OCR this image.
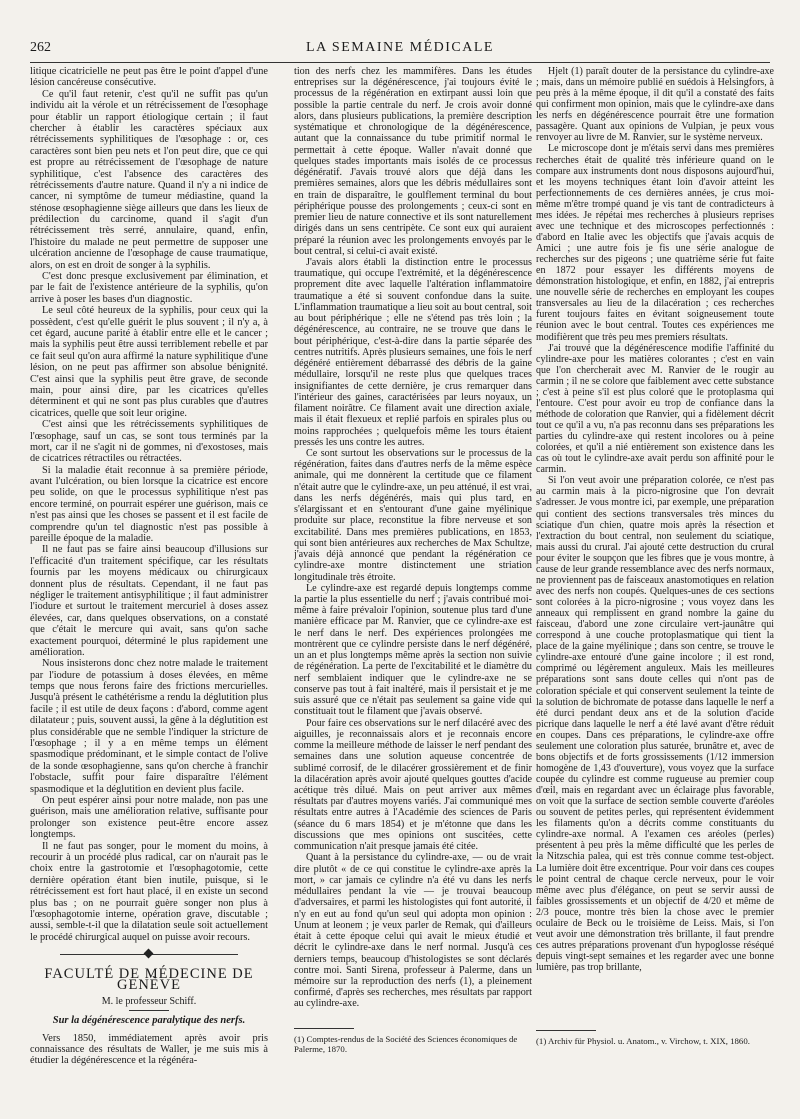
262	LA SEMAINE MÉDICALE

litique cicatricielle ne peut pas être le point d'appel d'une lésion cancéreuse consécutive.

Ce qu'il faut retenir, c'est qu'il ne suffit pas qu'un individu ait la vérole et un rétrécissement de l'œsophage pour établir un rapport étiologique certain ; il faut chercher à établir les caractères spéciaux aux rétrécissements syphilitiques de l'œsophage : or, ces caractères sont bien peu nets et l'on peut dire, que ce qui est propre au rétrécissement de l'œsophage de nature syphilitique, c'est l'absence des caractères des rétrécissements d'autre nature. Quand il n'y a ni indice de cancer, ni symptôme de tumeur médiastine, quand la sténose œsophagienne siège ailleurs que dans les lieux de prédilection du carcinome, quand il s'agit d'un rétrécissement très serré, annulaire, quand, enfin, l'histoire du malade ne peut permettre de supposer une ulcération ancienne de l'œsophage de cause traumatique, alors, on est en droit de songer à la syphilis.

C'est donc presque exclusivement par élimination, et par le fait de l'existence antérieure de la syphilis, qu'on arrive à poser les bases d'un diagnostic.

Le seul côté heureux de la syphilis, pour ceux qui la possèdent, c'est qu'elle guérit le plus souvent ; il n'y a, à cet égard, aucune parité à établir entre elle et le cancer ; mais la syphilis peut être aussi terriblement rebelle et par ce fait seul qu'on aura affirmé la nature syphilitique d'une lésion, on ne peut pas affirmer son absolue bénignité. C'est ainsi que la syphilis peut être grave, de seconde main, pour ainsi dire, par les cicatrices qu'elles déterminent et qui ne sont pas plus curables que d'autres cicatrices, quelle que soit leur origine.

C'est ainsi que les rétrécissements syphilitiques de l'œsophage, sauf un cas, se sont tous terminés par la mort, car il ne s'agit ni de gommes, ni d'exostoses, mais de cicatrices rétractiles ou rétractées.

Si la maladie était reconnue à sa première période, avant l'ulcération, ou bien lorsque la cicatrice est encore peu solide, on que le processus syphilitique n'est pas encore terminé, on pourrait espérer une guérison, mais ce n'est pas ainsi que les choses se passent et il est facile de comprendre qu'un tel diagnostic n'est pas possible à pareille époque de la maladie.

Il ne faut pas se faire ainsi beaucoup d'illusions sur l'efficacité d'un traitement spécifique, car les résultats fournis par les moyens médicaux ou chirurgicaux donnent plus de résultats. Cependant, il ne faut pas négliger le traitement antisyphilitique ; il faut administrer l'iodure et surtout le traitement mercuriel à doses assez élevées, car, dans quelques observations, on a constaté que c'était le mercure qui avait, sans qu'on sache exactement pourquoi, déterminé le plus rapidement une amélioration.

Nous insisterons donc chez notre malade le traitement par l'iodure de potassium à doses élevées, en même temps que nous ferons faire des frictions mercurielles. Jusqu'à présent le cathétérisme a rendu la déglutition plus facile ; il est utile de deux façons : d'abord, comme agent dilatateur ; puis, souvent aussi, la gêne à la déglutition est plus considérable que ne semble l'indiquer la stricture de l'œsophage ; il y a en même temps un élément spasmodique prédominant, et le simple contact de l'olive de la sonde œsophagienne, sans qu'on cherche à franchir l'obstacle, suffit pour faire disparaître l'élément spasmodique et la déglutition en devient plus facile.

On peut espérer ainsi pour notre malade, non pas une guérison, mais une amélioration relative, suffisante pour prolonger son existence peut-être encore assez longtemps.

Il ne faut pas songer, pour le moment du moins, à recourir à un procédé plus radical, car on n'aurait pas le choix entre la gastrotomie et l'œsophagotomie, cette dernière opération étant bien inutile, puisque, si le rétrécissement est fort haut placé, il en existe un second plus bas ; on ne pourrait guère songer non plus à l'œsophagotomie interne, opération grave, discutable ; aussi, semble-t-il que la dilatation seule soit actuellement le procédé chirurgical auquel on puisse avoir recours.

FACULTÉ DE MÉDECINE DE GENÈVE
M. le professeur Schiff.
Sur la dégénérescence paralytique des nerfs.

Vers 1850, immédiatement après avoir pris connaissance des résultats de Waller, je me suis mis à étudier la dégénérescence et la régénéra-

tion des nerfs chez les mammifères. Dans les études entreprises sur la dégénérescence, j'ai toujours évité le processus de la régénération en extirpant aussi loin que possible la partie centrale du nerf. Je crois avoir donné alors, dans plusieurs publications, la première description systématique et chronologique de la dégénérescence, autant que la connaissance du tube primitif normal le permettait à cette époque. Waller n'avait donné que quelques stades importants mais isolés de ce processus dégénératif. J'avais trouvé alors que déjà dans les premières semaines, alors que les débris médullaires sont en train de disparaître, le goulflement terminal du bout périphérique pousse des prolongements ; ceux-ci sont en premier lieu de nature connective et ils sont naturellement dirigés dans un sens centripète. Ce sont eux qui auraient préparé la réunion avec les prolongements envoyés par le bout central, si celui-ci avait existé.

J'avais alors établi la distinction entre le processus traumatique, qui occupe l'extrémité, et la dégénérescence proprement dite avec laquelle l'altération inflammatoire traumatique a été si souvent confondue dans la suite. L'inflammation traumatique a lieu soit au bout central, soit au bout périphérique ; elle ne s'étend pas très loin ; la dégénérescence, au contraire, ne se trouve que dans le bout périphérique, c'est-à-dire dans la partie séparée des centres nutritifs. Après plusieurs semaines, une fois le nerf dégénéré entièrement débarrassé des débris de la gaine médullaire, lorsqu'il ne reste plus que quelques traces insignifiantes de cette dernière, je crus remarquer dans l'intérieur des gaines, caractérisées par leurs noyaux, un filament noirâtre. Ce filament avait une direction axiale, mais il était flexueux et replié parfois en spirales plus ou moins rapprochées ; quelquefois même les tours étaient pressés les uns contre les autres.

Ce sont surtout les observations sur le processus de la régénération, faites dans d'autres nerfs de la même espèce animale, qui me donnèrent la certitude que ce filament n'était autre que le cylindre-axe, un peu atténué, il est vrai, dans les nerfs dégénérés, mais qui plus tard, en s'élargissant et en s'entourant d'une gaine myélinique produite sur place, reconstitue la fibre nerveuse et son excitabilité. Dans mes premières publications, en 1853, qui sont bien antérieures aux recherches de Max Schultze, j'avais déjà annoncé que pendant la régénération ce cylindre-axe montre distinctement une striation longitudinale très étroite.

Le cylindre-axe est regardé depuis longtemps comme la partie la plus essentielle du nerf ; j'avais contribué moi-même à faire prévaloir l'opinion, soutenue plus tard d'une manière efficace par M. Ranvier, que ce cylindre-axe est le nerf dans le nerf. Des expériences prolongées me montrèrent que ce cylindre persiste dans le nerf dégénéré, un an et plus longtemps même après la section non suivie de régénération. La perte de l'excitabilité et le diamètre du nerf semblaient indiquer que le cylindre-axe ne se conserve pas tout à fait inaltéré, mais il persistait et je me suis assuré que ce n'était pas seulement sa gaine vide qui constituait tout le filament que j'avais observé.

Pour faire ces observations sur le nerf dilacéré avec des aiguilles, je reconnaissais alors et je reconnais encore comme la meilleure méthode de laisser le nerf pendant des semaines dans une solution aqueuse concentrée de sublimé corrosif, de le dilacérer grossièrement et de finir la dilacération après avoir ajouté quelques gouttes d'acide acétique très dilué. Mais on peut arriver aux mêmes résultats par d'autres moyens variés. J'ai communiqué mes résultats entre autres à l'Académie des sciences de Paris (séance du 6 mars 1854) et je m'étonne que dans les discussions que mes opinions ont suscitées, cette communication n'ait presque jamais été citée.

Quant à la persistance du cylindre-axe, — ou de vrait dire plutôt « de ce qui constitue le cylindre-axe après la mort, » car jamais ce cylindre n'a été vu dans les nerfs médullaires pendant la vie — je trouvai beaucoup d'adversaires, et parmi les histologistes qui font autorité, il n'y en eut au fond qu'un seul qui adopta mon opinion : Unum at leonem ; je veux parler de Remak, qui d'ailleurs était à cette époque celui qui avait le mieux étudié et décrit le cylindre-axe dans le nerf normal. Jusqu'à ces derniers temps, beaucoup d'histologistes se sont déclarés contre moi. Santi Sirena, professeur à Palerme, dans un mémoire sur la reproduction des nerfs (1), a pleinement confirmé, d'après ses recherches, mes résultats par rapport au cylindre-axe.

(1) Comptes-rendus de la Société des Sciences économiques de Palerme, 1870.

Hjelt (1) paraît douter de la persistance du cylindre-axe ; mais, dans un mémoire publié en suédois à Helsingfors, à peu près à la même époque, il dit qu'il a constaté des faits qui confirment mon opinion, mais que le cylindre-axe dans les nerfs en dégénérescence pourrait être une formation passagère. Quant aux opinions de Vulpian, je peux vous renvoyer au livre de M. Ranvier, sur le système nerveux.

Le microscope dont je m'étais servi dans mes premières recherches était de qualité très inférieure quand on le compare aux instruments dont nous disposons aujourd'hui, et les moyens techniques étant loin d'avoir atteint les perfectionnements de ces dernières années, je crus moi-même m'être trompé quand je vis tant de contradicteurs à mes idées. Je répétai mes recherches à plusieurs reprises avec une technique et des microscopes perfectionnés : d'abord en Italie avec les objectifs que j'avais acquis de Amici ; une autre fois je fis une série analogue de recherches sur des pigeons ; une quatrième série fut faite en 1872 pour essayer les différents moyens de démonstration histologique, et enfin, en 1882, j'ai entrepris une nouvelle série de recherches en employant les coupes transversales au lieu de la dilacération ; ces recherches furent toujours faites en évitant soigneusement toute réunion avec le bout central. Toutes ces expériences me modifièrent que très peu mes premiers résultats.

J'ai trouvé que la dégénérescence modifie l'affinité du cylindre-axe pour les matières colorantes ; c'est en vain que l'on chercherait avec M. Ranvier de le rougir au carmin ; il ne se colore que faiblement avec cette substance ; c'est à peine s'il est plus coloré que le protoplasma qui l'entoure. C'est pour avoir eu trop de confiance dans la méthode de coloration que Ranvier, qui a fidèlement décrit tout ce qu'il a vu, n'a pas reconnu dans ses préparations les parties du cylindre-axe qui restent incolores ou à peine colorées, et qu'il a nié entièrement son existence dans les cas où tout le cylindre-axe avait perdu son affinité pour le carmin.

Si l'on veut avoir une préparation colorée, ce n'est pas au carmin mais à la picro-nigrosine que l'on devrait s'adresser. Je vous montre ici, par exemple, une préparation qui contient des sections transversales très minces du sciatique d'un chien, quatre mois après la résection et l'extraction du bout central, non seulement du sciatique, mais aussi du crural. J'ai ajouté cette destruction du crural pour éviter le soupçon que les fibres que je vous montre, à cause de leur grande ressemblance avec des nerfs normaux, ne proviennent pas de faisceaux anastomotiques en relation avec des nerfs non coupés. Quelques-unes de ces sections sont colorées à la picro-nigrosine ; vous voyez dans les anneaux qui remplissent en grand nombre la gaine du faisceau, d'abord une zone circulaire vert-jaunâtre qui correspond à une couche protoplasmatique qui tient la place de la gaine myélinique ; dans son centre, se trouve le cylindre-axe entouré d'une gaine incolore ; il est rond, comprimé ou légèrement anguleux. Mais les meilleures préparations sont sans doute celles qui n'ont pas de coloration spéciale et qui conservent seulement la teinte de la solution de bichromate de potasse dans laquelle le nerf a été durci pendant deux ans et de la solution d'acide picrique dans laquelle le nerf a été lavé avant d'être réduit en coupes. Dans ces préparations, le cylindre-axe offre seulement une coloration plus saturée, brunâtre et, avec de bons objectifs et de forts grossissements (1/12 immersion homogène de 1,43 d'ouverture), vous voyez que la surface coupée du cylindre est comme rugueuse au premier coup d'œil, mais en regardant avec un éclairage plus favorable, on voit que la surface de section semble couverte d'aréoles ou souvent de petites perles, qui représentent évidemment les filaments qu'on a décrits comme constituants du cylindre-axe normal. A l'examen ces aréoles (perles) présentent à peu près la même difficulté que les perles de la Nitzschia palea, qui est très connue comme test-object. La lumière doit être excentrique. Pour voir dans ces coupes le point central de chaque cercle nerveux, pour le voir même avec plus d'élégance, on peut se servir aussi de faibles grossissements et un objectif de 4/20 et même de 2/3 pouce, montre très bien la chose avec le premier oculaire de Beck ou le troisième de Leiss. Mais, si l'on veut avoir une démonstration très brillante, il faut prendre ces autres préparations provenant d'un hypoglosse réséqué depuis vingt-sept semaines et les regarder avec une bonne lumière, pas trop brillante,

(1) Archiv für Physiol. u. Anatom., v. Virchow, t. XIX, 1860.
